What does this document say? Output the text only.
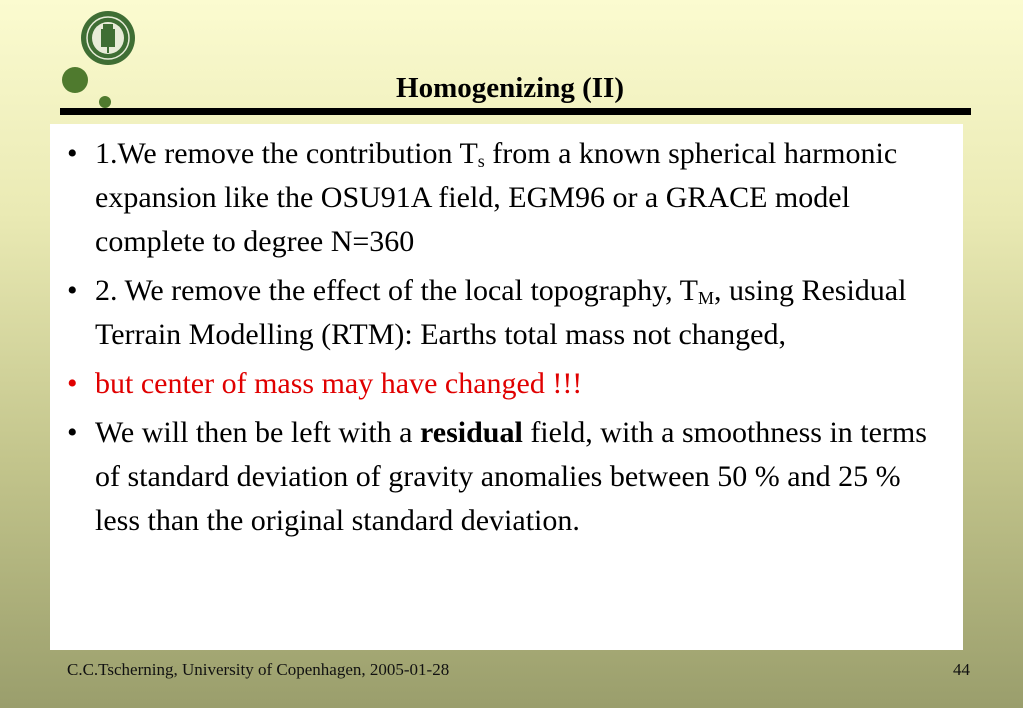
Homogenizing (II)
• 1.We remove the contribution $T_s$ from a known spherical harmonic expansion like the OSU91A field, EGM96 or a GRACE model complete to degree N=360
• 2. We remove the effect of the local topography, $T_M$, using Residual Terrain Modelling (RTM): Earths total mass not changed,
• but center of mass may have changed !!!
• We will then be left with a residual field, with a smoothness in terms of standard deviation of gravity anomalies between 50 % and 25 % less than the original standard deviation.
C.C.Tscherning, University of Copenhagen, 2005-01-28	44
